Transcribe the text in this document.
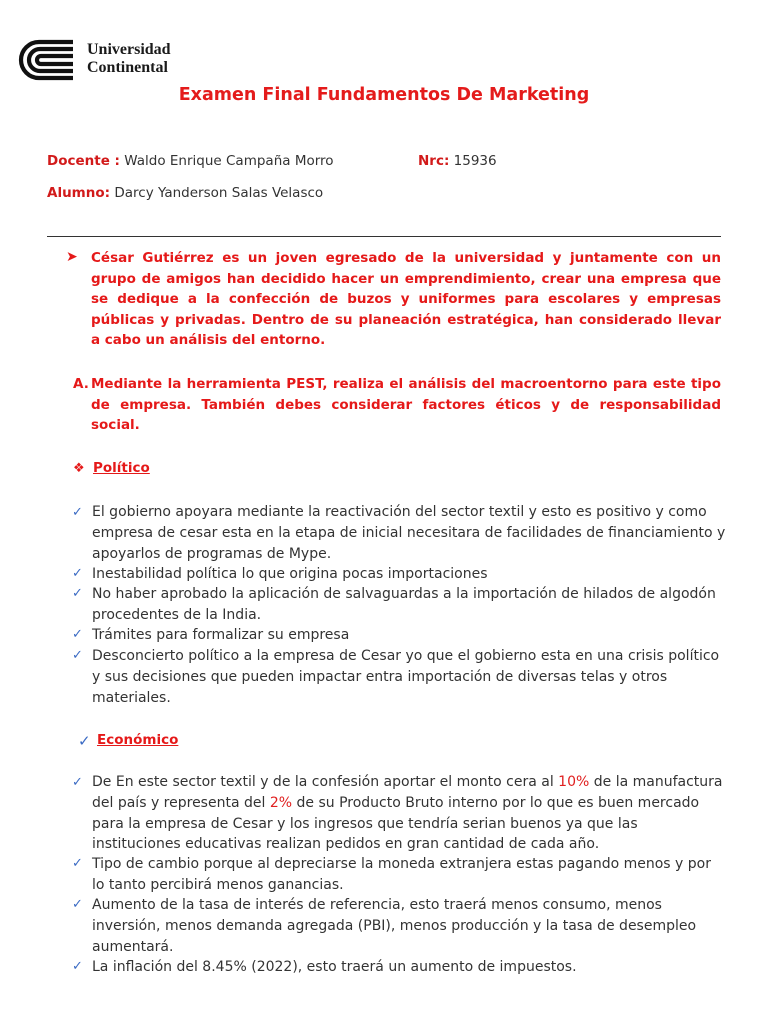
Universidad
Continental
Examen Final Fundamentos De Marketing
Docente : Waldo Enrique Campaña Morro	Nrc: 15936
Alumno: Darcy Yanderson Salas Velasco
➤ César Gutiérrez es un joven egresado de la universidad y juntamente con un grupo de amigos han decidido hacer un emprendimiento, crear una empresa que se dedique a la confección de buzos y uniformes para escolares y empresas públicas y privadas. Dentro de su planeación estratégica, han considerado llevar a cabo un análisis del entorno.
A. Mediante la herramienta PEST, realiza el análisis del macroentorno para este tipo de empresa. También debes considerar factores éticos y de responsabilidad social.
❖ Político
✓ El gobierno apoyara mediante la reactivación del sector textil y esto es positivo y como empresa de cesar esta en la etapa de inicial necesitara de facilidades de financiamiento y apoyarlos de programas de Mype.
✓ Inestabilidad política lo que origina pocas importaciones
✓ No haber aprobado la aplicación de salvaguardas a la importación de hilados de algodón procedentes de la India.
✓ Trámites para formalizar su empresa
✓ Desconcierto político a la empresa de Cesar yo que el gobierno esta en una crisis político y sus decisiones que pueden impactar entra importación de diversas telas y otros materiales.
✓ Económico
✓ De En este sector textil y de la confesión aportar el monto cera al 10% de la manufactura del país y representa del 2% de su Producto Bruto interno por lo que es buen mercado para la empresa de Cesar y los ingresos que tendría serian buenos ya que las instituciones educativas realizan pedidos en gran cantidad de cada año.
✓ Tipo de cambio porque al depreciarse la moneda extranjera estas pagando menos y por lo tanto percibirá menos ganancias.
✓ Aumento de la tasa de interés de referencia, esto traerá menos consumo, menos inversión, menos demanda agregada (PBI), menos producción y la tasa de desempleo aumentará.
✓ La inflación del 8.45% (2022), esto traerá un aumento de impuestos.
